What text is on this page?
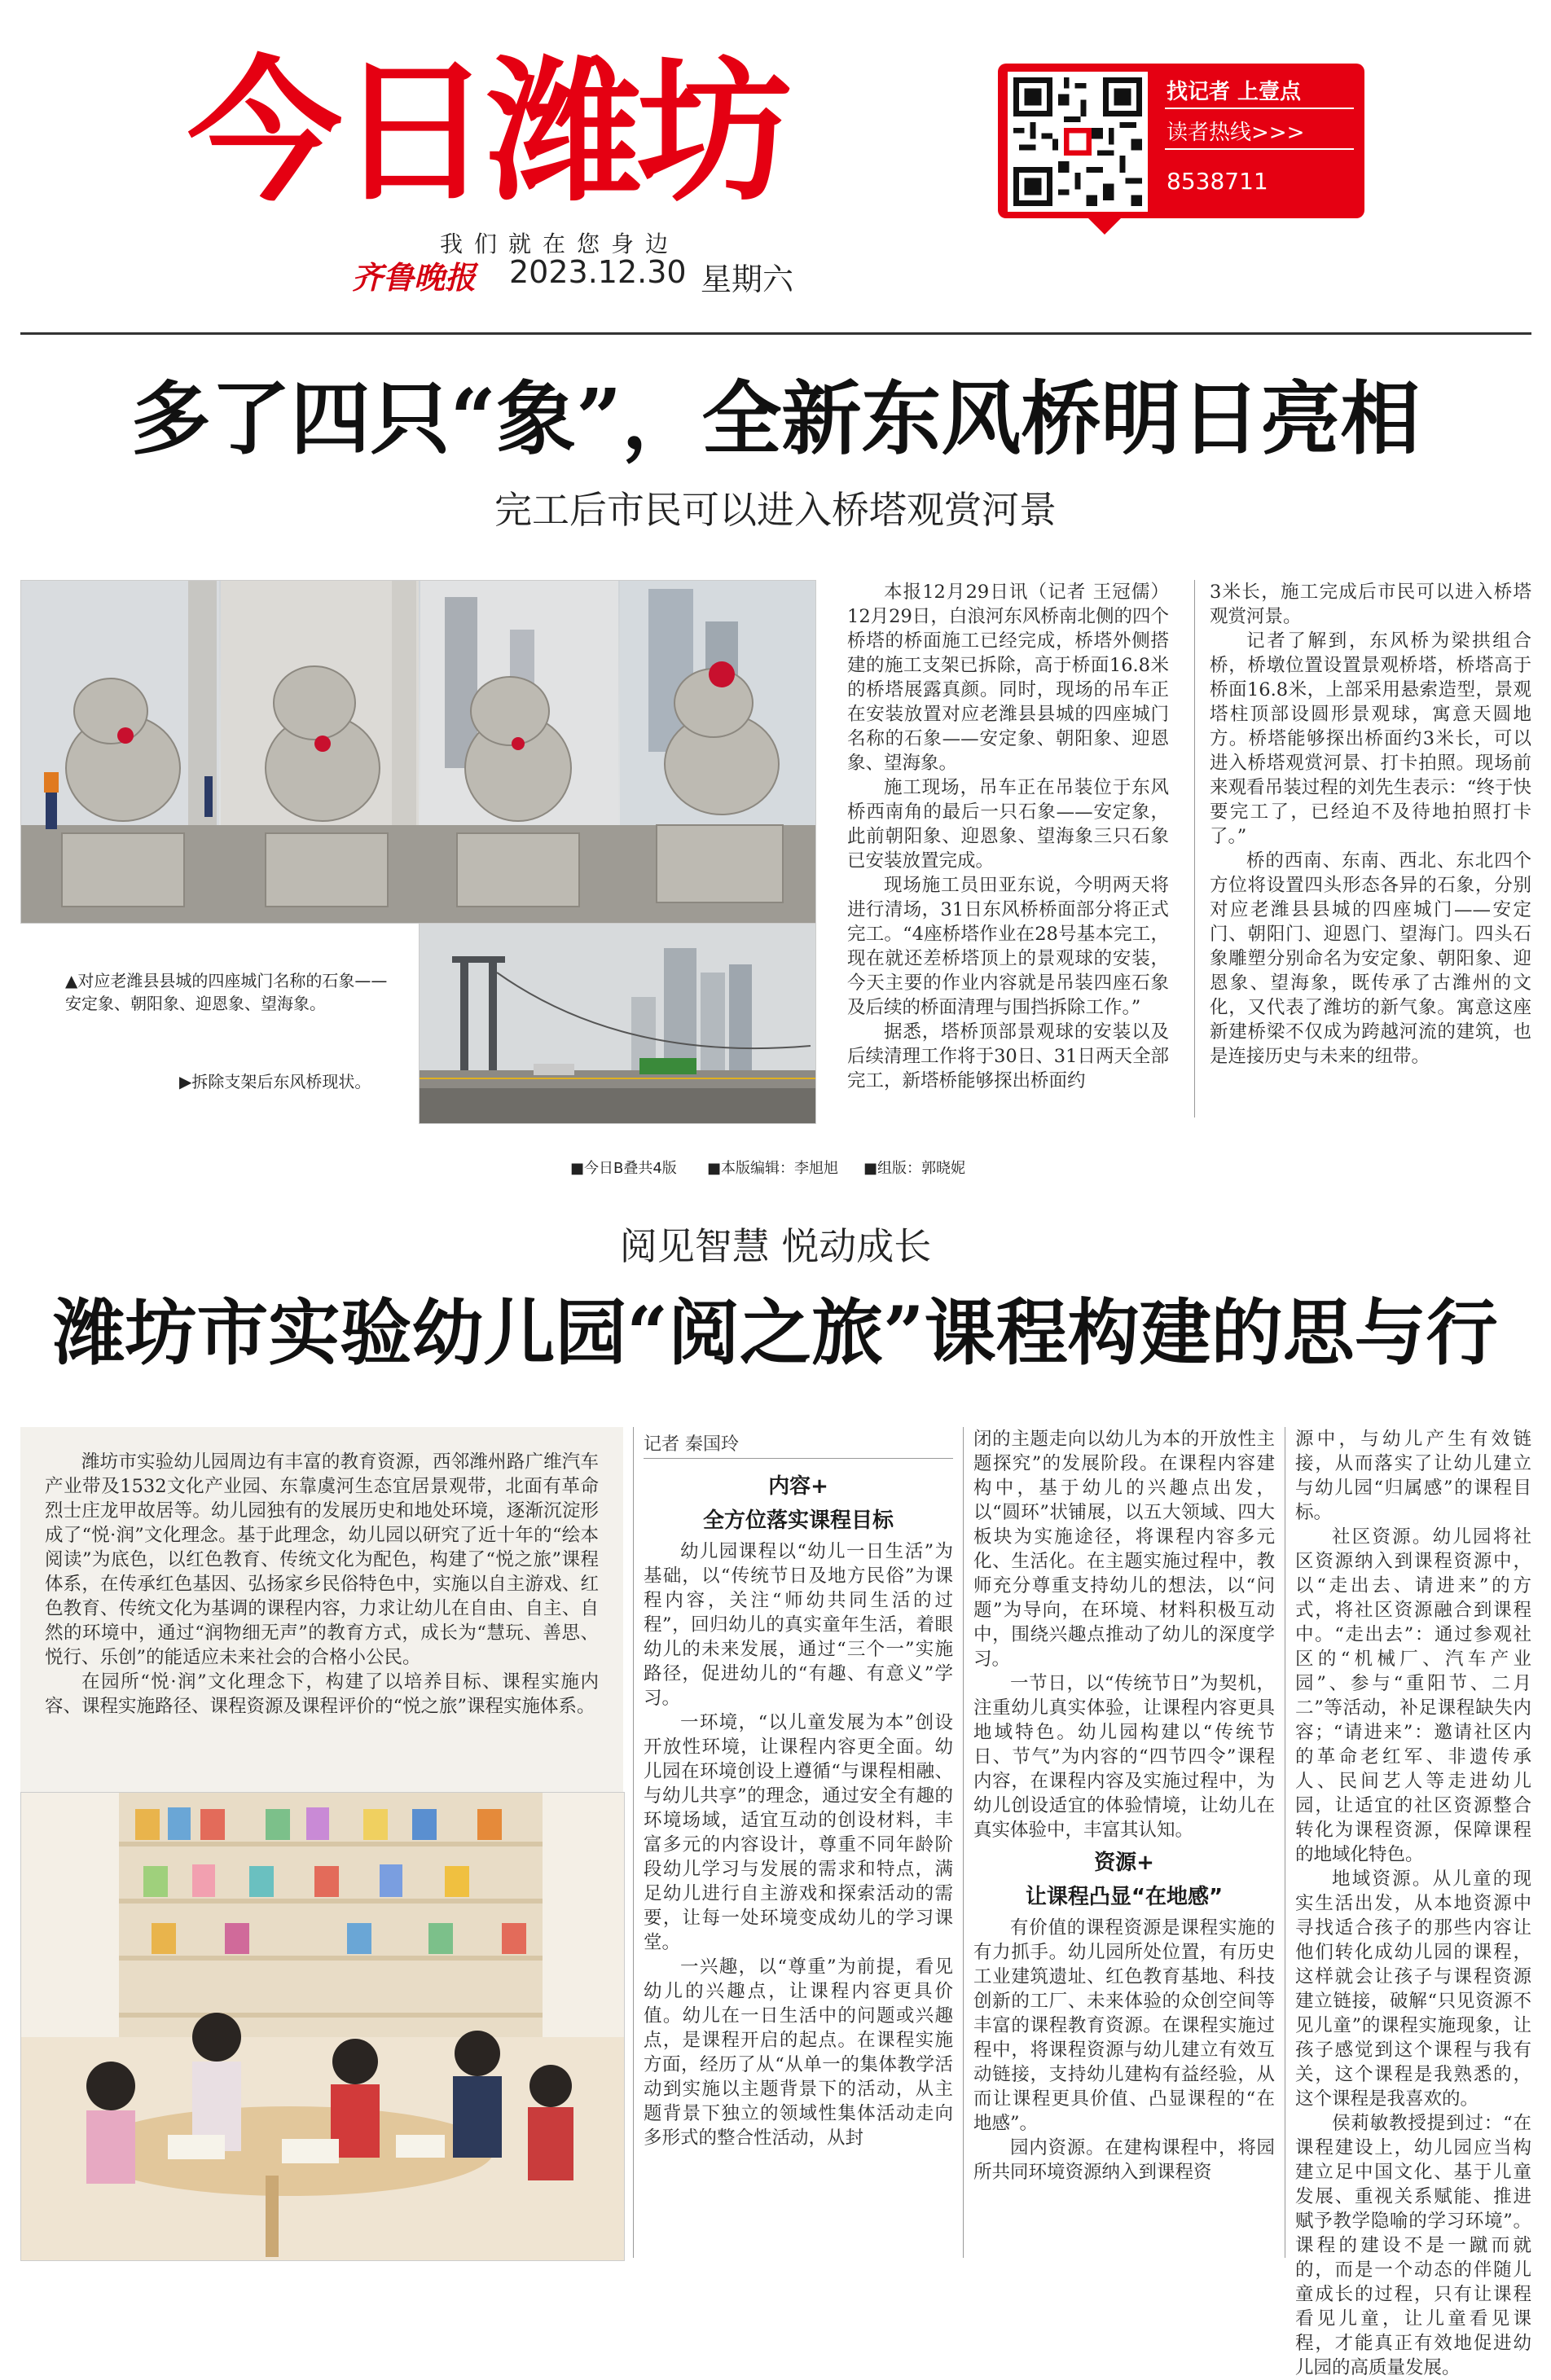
今日潍坊
我们就在您身边
齐鲁晚报 2023.12.30 星期六
找记者 上壹点
读者热线>>>
8538711
多了四只“象”，全新东风桥明日亮相
完工后市民可以进入桥塔观赏河景
▲对应老潍县县城的四座城门名称的石象——安定象、朝阳象、迎恩象、望海象。
▶拆除支架后东风桥现状。

本报12月29日讯（记者 王冠儒）12月29日，白浪河东风桥南北侧的四个桥塔的桥面施工已经完成，桥塔外侧搭建的施工支架已拆除，高于桥面16.8米的桥塔展露真颜。同时，现场的吊车正在安装放置对应老潍县县城的四座城门名称的石象——安定象、朝阳象、迎恩象、望海象。

施工现场，吊车正在吊装位于东风桥西南角的最后一只石象——安定象，此前朝阳象、迎恩象、望海象三只石象已安装放置完成。

现场施工员田亚东说，今明两天将进行清场，31日东风桥桥面部分将正式完工。“4座桥塔作业在28号基本完工，现在就还差桥塔顶上的景观球的安装，今天主要的作业内容就是吊装四座石象及后续的桥面清理与围挡拆除工作。”

据悉，塔桥顶部景观球的安装以及后续清理工作将于30日、31日两天全部完工，新塔桥能够探出桥面约

3米长，施工完成后市民可以进入桥塔观赏河景。

记者了解到，东风桥为梁拱组合桥，桥墩位置设置景观桥塔，桥塔高于桥面16.8米，上部采用悬索造型，景观塔柱顶部设圆形景观球，寓意天圆地方。桥塔能够探出桥面约3米长，可以进入桥塔观赏河景、打卡拍照。现场前来观看吊装过程的刘先生表示：“终于快要完工了，已经迫不及待地拍照打卡了。”

桥的西南、东南、西北、东北四个方位将设置四头形态各异的石象，分别对应老潍县县城的四座城门——安定门、朝阳门、迎恩门、望海门。四头石象雕塑分别命名为安定象、朝阳象、迎恩象、望海象，既传承了古潍州的文化，又代表了潍坊的新气象。寓意这座新建桥梁不仅成为跨越河流的建筑，也是连接历史与未来的纽带。

■今日B叠共4版 ■本版编辑：李旭旭 ■组版：郭晓妮
阅见智慧 悦动成长
潍坊市实验幼儿园“阅之旅”课程构建的思与行

潍坊市实验幼儿园周边有丰富的教育资源，西邻潍州路广维汽车产业带及1532文化产业园、东靠虞河生态宜居景观带，北面有革命烈士庄龙甲故居等。幼儿园独有的发展历史和地处环境，逐渐沉淀形成了“悦·润”文化理念。基于此理念，幼儿园以研究了近十年的“绘本阅读”为底色，以红色教育、传统文化为配色，构建了“悦之旅”课程体系，在传承红色基因、弘扬家乡民俗特色中，实施以自主游戏、红色教育、传统文化为基调的课程内容，力求让幼儿在自由、自主、自然的环境中，通过“润物细无声”的教育方式，成长为“慧玩、善思、悦行、乐创”的能适应未来社会的合格小公民。

在园所“悦·润”文化理念下，构建了以培养目标、课程实施内容、课程实施路径、课程资源及课程评价的“悦之旅”课程实施体系。

记者 秦国玲
内容+
全方位落实课程目标

幼儿园课程以“幼儿一日生活”为基础，以“传统节日及地方民俗”为课程内容，关注“师幼共同生活的过程”，回归幼儿的真实童年生活，着眼幼儿的未来发展，通过“三个一”实施路径，促进幼儿的“有趣、有意义”学习。

一环境，“以儿童发展为本”创设开放性环境，让课程内容更全面。幼儿园在环境创设上遵循“与课程相融、与幼儿共享”的理念，通过安全有趣的环境场域，适宜互动的创设材料，丰富多元的内容设计，尊重不同年龄阶段幼儿学习与发展的需求和特点，满足幼儿进行自主游戏和探索活动的需要，让每一处环境变成幼儿的学习课堂。

一兴趣，以“尊重”为前提，看见幼儿的兴趣点，让课程内容更具价值。幼儿在一日生活中的问题或兴趣点，是课程开启的起点。在课程实施方面，经历了从“从单一的集体教学活动到实施以主题背景下的活动，从主题背景下独立的领域性集体活动走向多形式的整合性活动，从封

闭的主题走向以幼儿为本的开放性主题探究”的发展阶段。在课程内容建构中，基于幼儿的兴趣点出发，以“圆环”状铺展，以五大领域、四大板块为实施途径，将课程内容多元化、生活化。在主题实施过程中，教师充分尊重支持幼儿的想法，以“问题”为导向，在环境、材料积极互动中，围绕兴趣点推动了幼儿的深度学习。

一节日，以“传统节日”为契机，注重幼儿真实体验，让课程内容更具地域特色。幼儿园构建以“传统节日、节气”为内容的“四节四令”课程内容，在课程内容及实施过程中，为幼儿创设适宜的体验情境，让幼儿在真实体验中，丰富其认知。

资源+
让课程凸显“在地感”

有价值的课程资源是课程实施的有力抓手。幼儿园所处位置，有历史工业建筑遗址、红色教育基地、科技创新的工厂、未来体验的众创空间等丰富的课程教育资源。在课程实施过程中，将课程资源与幼儿建立有效互动链接，支持幼儿建构有益经验，从而让课程更具价值、凸显课程的“在地感”。

园内资源。在建构课程中，将园所共同环境资源纳入到课程资

源中，与幼儿产生有效链接，从而落实了让幼儿建立与幼儿园“归属感”的课程目标。

社区资源。幼儿园将社区资源纳入到课程资源中，以“走出去、请进来”的方式，将社区资源融合到课程中。“走出去”：通过参观社区的“机械厂、汽车产业园”、参与“重阳节、二月二”等活动，补足课程缺失内容；“请进来”：邀请社区内的革命老红军、非遗传承人、民间艺人等走进幼儿园，让适宜的社区资源整合转化为课程资源，保障课程的地域化特色。

地域资源。从儿童的现实生活出发，从本地资源中寻找适合孩子的那些内容让他们转化成幼儿园的课程，这样就会让孩子与课程资源建立链接，破解“只见资源不见儿童”的课程实施现象，让孩子感觉到这个课程与我有关，这个课程是我熟悉的，这个课程是我喜欢的。

侯莉敏教授提到过：“在课程建设上，幼儿园应当构建立足中国文化、基于儿童发展、重视关系赋能、推进赋予教学隐喻的学习环境”。课程的建设不是一蹴而就的，而是一个动态的伴随儿童成长的过程，只有让课程看见儿童，让儿童看见课程，才能真正有效地促进幼儿园的高质量发展。
